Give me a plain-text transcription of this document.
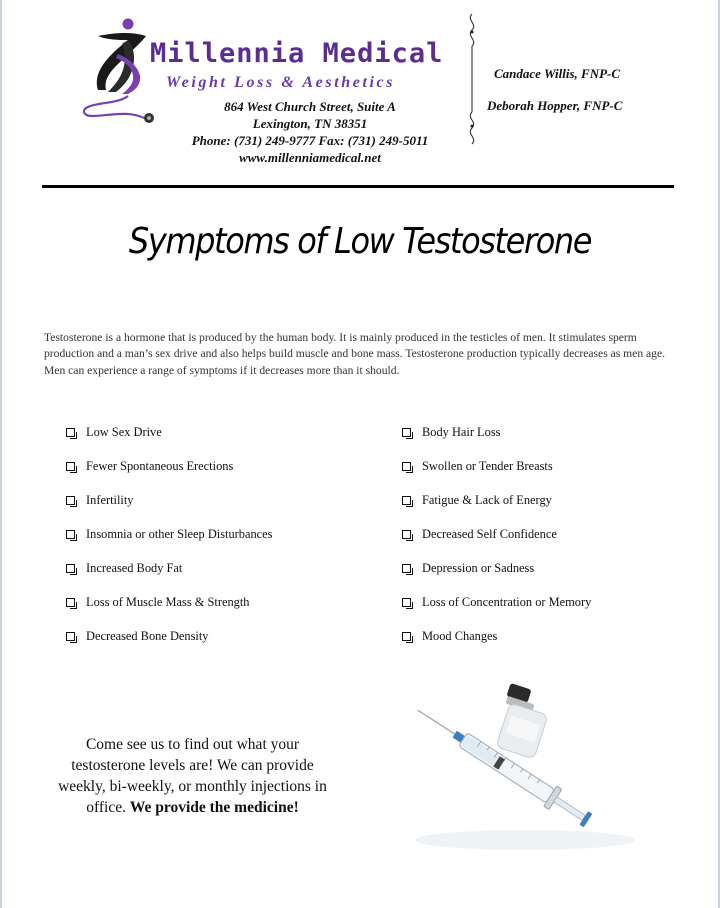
Millennia Medical
Weight Loss & Aesthetics
864 West Church Street, Suite A
Lexington, TN 38351
Phone: (731) 249-9777 Fax: (731) 249-5011
www.millenniamedical.net
Candace Willis, FNP-C
Deborah Hopper, FNP-C
Symptoms of Low Testosterone

Testosterone is a hormone that is produced by the human body. It is mainly produced in the testicles of men. It stimulates sperm production and a man’s sex drive and also helps build muscle and bone mass. Testosterone production typically decreases as men age. Men can experience a range of symptoms if it decreases more than it should.

Low Sex Drive
Fewer Spontaneous Erections
Infertility
Insomnia or other Sleep Disturbances
Increased Body Fat
Loss of Muscle Mass & Strength
Decreased Bone Density
Body Hair Loss
Swollen or Tender Breasts
Fatigue & Lack of Energy
Decreased Self Confidence
Depression or Sadness
Loss of Concentration or Memory
Mood Changes
Come see us to find out what your testosterone levels are! We can provide weekly, bi-weekly, or monthly injections in office. We provide the medicine!
